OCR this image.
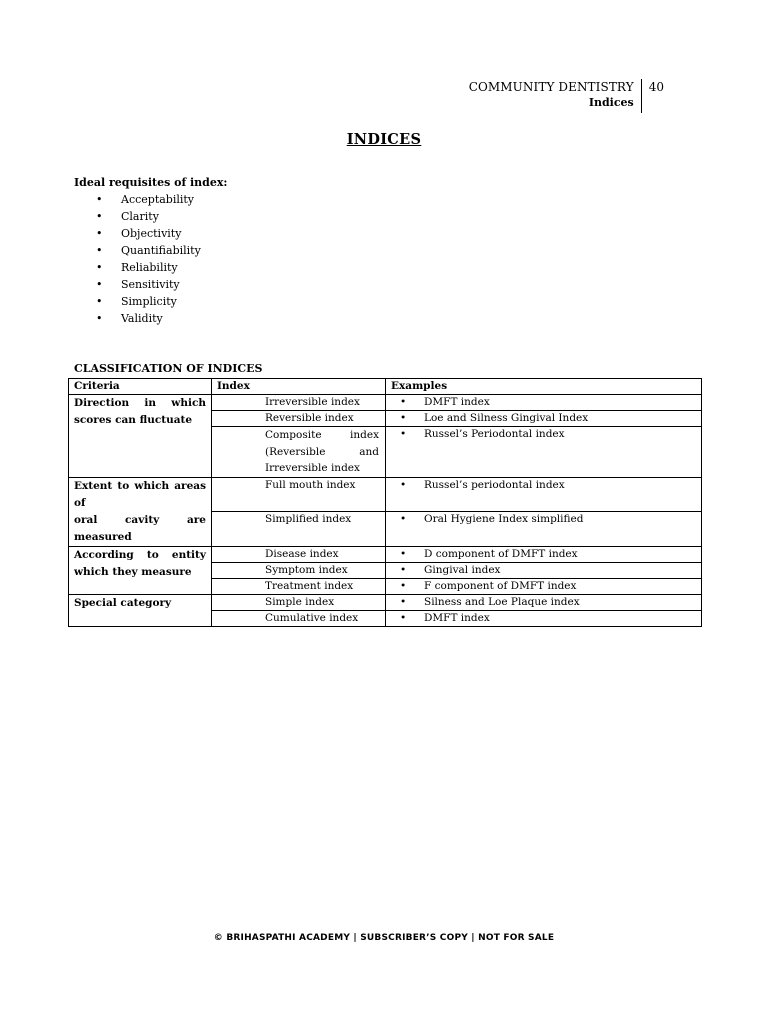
COMMUNITY DENTISTRY
Indices
40
INDICES
Ideal requisites of index:
• Acceptability
• Clarity
• Objectivity
• Quantifiability
• Reliability
• Sensitivity
• Simplicity
• Validity
CLASSIFICATION OF INDICES
Criteria	Index	Examples

Direction in which
scores can fluctuate	Irreversible index	• DMFT index
	Reversible index	• Loe and Silness Gingival Index
	Composite index (Reversible and Irreversible index	• Russel’s Periodontal index

Extent to which areas of
oral cavity are measured	Full mouth index	• Russel’s periodontal index
	Simplified index	• Oral Hygiene Index simplified

According to entity
which they measure	Disease index	• D component of DMFT index
	Symptom index	• Gingival index
	Treatment index	• F component of DMFT index
Special category	Simple index	• Silness and Loe Plaque index
	Cumulative index	• DMFT index
© BRIHASPATHI ACADEMY | SUBSCRIBER’S COPY | NOT FOR SALE
